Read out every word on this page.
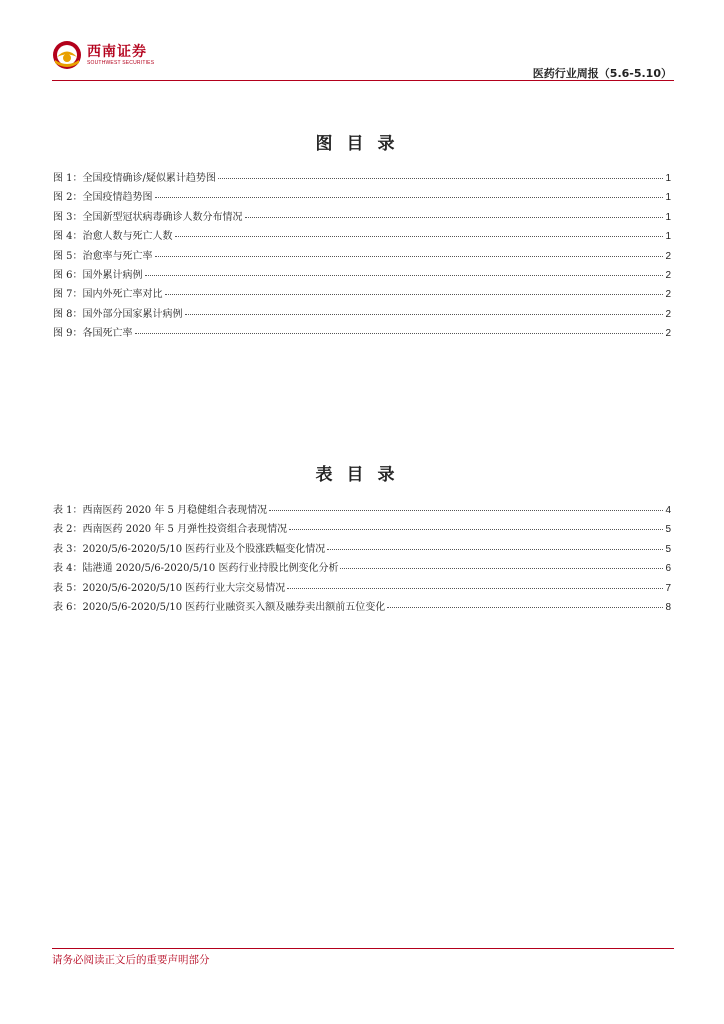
西南证券
SOUTHWEST SECURITIES
医药行业周报（5.6-5.10）
图目录
图 1：全国疫情确诊/疑似累计趋势图	1
图 2：全国疫情趋势图	1
图 3：全国新型冠状病毒确诊人数分布情况	1
图 4：治愈人数与死亡人数	1
图 5：治愈率与死亡率	2
图 6：国外累计病例	2
图 7：国内外死亡率对比	2
图 8：国外部分国家累计病例	2
图 9：各国死亡率	2
表目录
表 1：西南医药 2020 年 5 月稳健组合表现情况	4
表 2：西南医药 2020 年 5 月弹性投资组合表现情况	5
表 3：2020/5/6-2020/5/10 医药行业及个股涨跌幅变化情况	5
表 4：陆港通 2020/5/6-2020/5/10 医药行业持股比例变化分析	6
表 5：2020/5/6-2020/5/10 医药行业大宗交易情况	7
表 6：2020/5/6-2020/5/10 医药行业融资买入额及融券卖出额前五位变化	8
请务必阅读正文后的重要声明部分
